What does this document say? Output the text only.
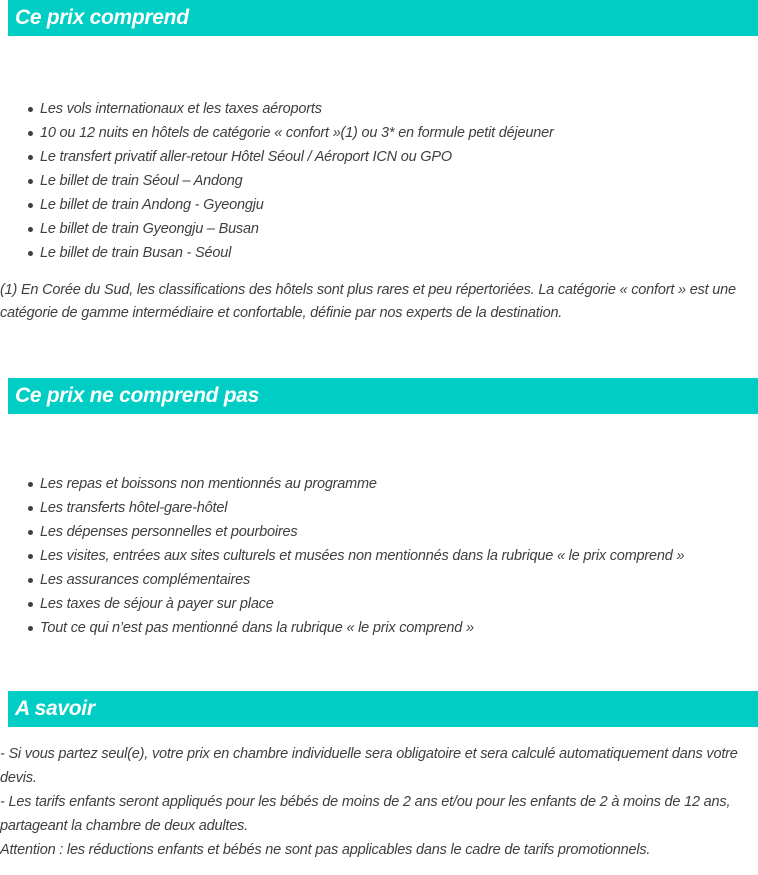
Ce prix comprend
Les vols internationaux et les taxes aéroports
10 ou 12 nuits en hôtels de catégorie « confort »(1) ou 3* en formule petit déjeuner
Le transfert privatif aller-retour Hôtel Séoul / Aéroport ICN ou GPO
Le billet de train Séoul – Andong
Le billet de train Andong - Gyeongju
Le billet de train Gyeongju – Busan
Le billet de train Busan - Séoul

(1) En Corée du Sud, les classifications des hôtels sont plus rares et peu répertoriées. La catégorie « confort » est une catégorie de gamme intermédiaire et confortable, définie par nos experts de la destination.

Ce prix ne comprend pas
Les repas et boissons non mentionnés au programme
Les transferts hôtel-gare-hôtel
Les dépenses personnelles et pourboires
Les visites, entrées aux sites culturels et musées non mentionnés dans la rubrique « le prix comprend »
Les assurances complémentaires
Les taxes de séjour à payer sur place
Tout ce qui n’est pas mentionné dans la rubrique « le prix comprend »
A savoir

- Si vous partez seul(e), votre prix en chambre individuelle sera obligatoire et sera calculé automatiquement dans votre devis.

- Les tarifs enfants seront appliqués pour les bébés de moins de 2 ans et/ou pour les enfants de 2 à moins de 12 ans, partageant la chambre de deux adultes.

Attention : les réductions enfants et bébés ne sont pas applicables dans le cadre de tarifs promotionnels.
